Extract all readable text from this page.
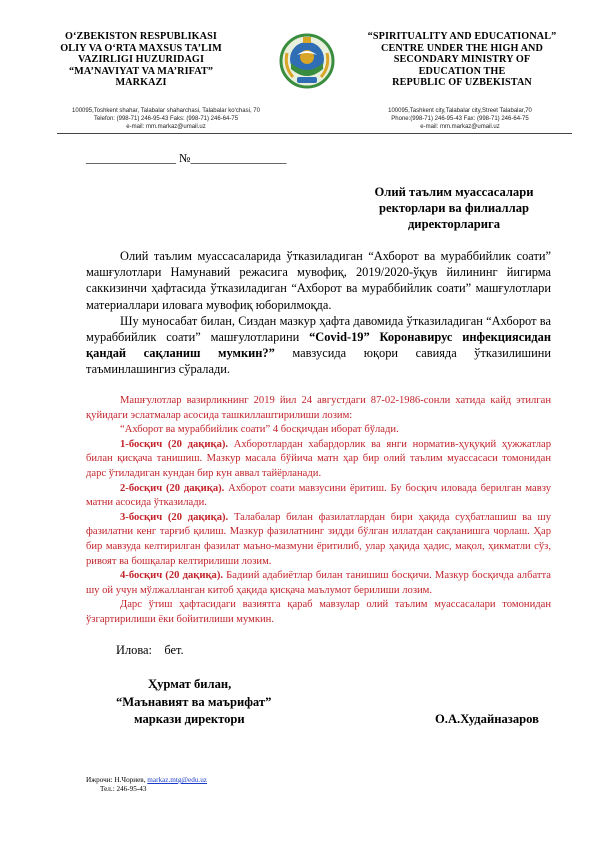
O‘ZBEKISTON RESPUBLIKASI
OLIY VA O‘RTA MAXSUS TA’LIM
VAZIRLIGI HUZURIDAGI
“MA’NAVIYAT VA MA’RIFAT”
MARKAZI
“SPIRITUALITY AND EDUCATIONAL”
CENTRE UNDER THE HIGH AND
SECONDARY MINISTRY OF
EDUCATION THE
REPUBLIC OF UZBEKISTAN
100095,Toshkent shahar, Talabalar shaharchasi, Talabalar ko‘chasi, 70
Telefon: (998-71) 246-95-43 Faks: (998-71) 246-64-75
e-mail: mm.markaz@umail.uz
100095,Tashkent city,Talabalar city,Street Talabalar,70
Phone:(998-71) 246-95-43 Fax: (998-71) 246-64-75
e-mail: mm.markaz@umail.uz
_______________ №________________
Олий таълим муассасалари
ректорлари ва филиаллар
директорларига

Олий таълим муассасаларида ўтказиладиган “Ахборот ва мураббийлик соати” машғулотлари Намунавий режасига мувофиқ, 2019/2020-ўқув йилининг йигирма саккизинчи ҳафтасида ўтказиладиган “Ахборот ва мураббийлик соати” машғулотлари материаллари иловага мувофиқ юборилмоқда.

Шу муносабат билан, Сиздан мазкур ҳафта давомида ўтказиладиган “Ахборот ва мураббийлик соати” машғулотларини “Covid-19” Коронавирус инфекциясидан қандай сақланиш мумкин?” мавзусида юқори савияда ўтказилишини таъминлашингиз сўралади.

Машғулотлар вазирликнинг 2019 йил 24 августдаги 87-02-1986-сонли хатида кайд этилган қуйидаги эслатмалар асосида ташкиллаштирилиши лозим:

“Ахборот ва мураббийлик соати” 4 босқичдан иборат бўлади.

1-босқич (20 дақиқа). Ахборотлардан хабардорлик ва янги норматив-ҳуқуқий ҳужжатлар билан қисқача танишиш. Мазкур масала бўйича матн ҳар бир олий таълим муассасаси томонидан дарс ўтиладиган кундан бир кун аввал тайёрланади.

2-босқич (20 дақиқа). Ахборот соати мавзусини ёритиш. Бу босқич иловада берилган мавзу матни асосида ўтказилади.

3-босқич (20 дақиқа). Талабалар билан фазилатлардан бири ҳақида суҳбатлашиш ва шу фазилатни кенг тарғиб қилиш. Мазкур фазилатнинг зидди бўлган иллатдан сақланишга чорлаш. Ҳар бир мавзуда келтирилган фазилат маъно-мазмуни ёритилиб, улар ҳақида ҳадис, мақол, ҳикматли сўз, ривоят ва бошқалар келтирилиши лозим.

4-босқич (20 дақиқа). Бадиий адабиётлар билан танишиш босқичи. Мазкур босқичда албатта шу ой учун мўлжалланган китоб ҳақида қисқача маълумот берилиши лозим.

Дарс ўтиш ҳафтасидаги вазиятга қараб мавзулар олий таълим муассасалари томонидан ўзгартирилиши ёки бойитилиши мумкин.

Илова:    бет.
Ҳурмат билан,
“Маънавият ва маърифат”
маркази директори	О.А.Худайназаров
Ижрочи: Н.Чориев, markaz.mtg@edu.uz
Тел.: 246-95-43
